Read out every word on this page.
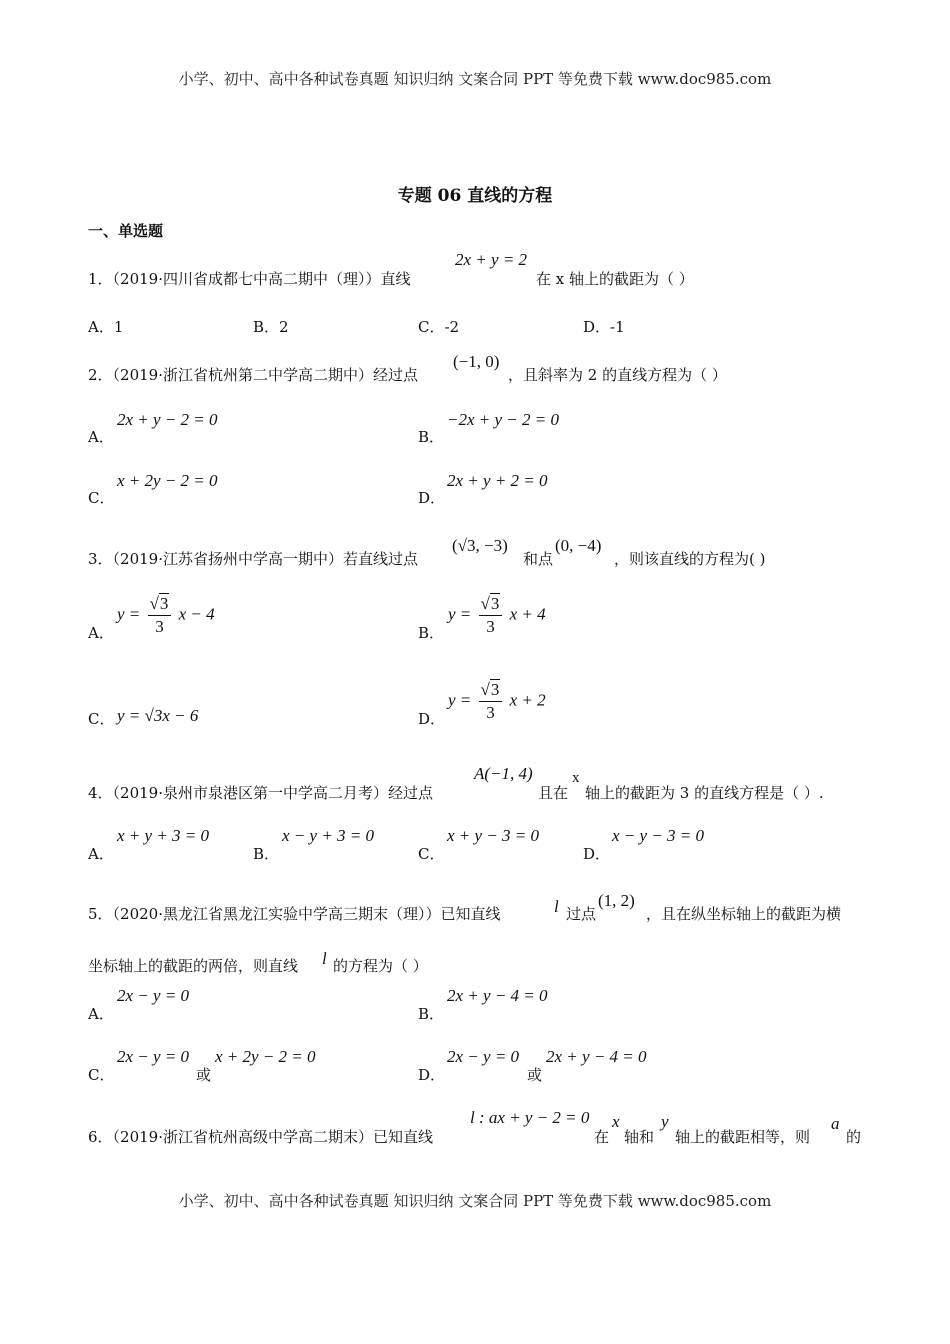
小学、初中、高中各种试卷真题 知识归纳 文案合同 PPT 等免费下载 www.doc985.com
专题 06 直线的方程
一、单选题
1．（2019·四川省成都七中高二期中（理））直线
2x + y = 2
在 x 轴上的截距为（ ）
A．1	B．2	C．-2	D．-1
2．（2019·浙江省杭州第二中学高二期中）经过点
(−1, 0)
，且斜率为 2 的直线方程为（ ）
A．
2x + y − 2 = 0
B．
−2x + y − 2 = 0
C．
x + 2y − 2 = 0
D．
2x + y + 2 = 0
3．（2019·江苏省扬州中学高一期中）若直线过点
(√3, −3)
和点
(0, −4)
，则该直线的方程为( )
A．
$y = \frac{√3}{3}$ x − 4
B．
$y = \frac{√3}{3}$ x + 4
C． y = √3x − 6	D．
$y = \frac{√3}{3}$ x + 2
4．（2019·泉州市泉港区第一中学高二月考）经过点
A(−1, 4)
且在
x
轴上的截距为 3 的直线方程是（ ）.
A．
x + y + 3 = 0
B．
x − y + 3 = 0
C．
x + y − 3 = 0
D．
x − y − 3 = 0
5．（2020·黑龙江省黑龙江实验中学高三期末（理））已知直线	l 过点
(1, 2)
，且在纵坐标轴上的截距为横
坐标轴上的截距的两倍，则直线 l 的方程为（ ）
A．
2x − y = 0
B．
2x + y − 4 = 0
C．
2x − y = 0
或
x + 2y − 2 = 0
D．
2x − y = 0
或
2x + y − 4 = 0
6．（2019·浙江省杭州高级中学高二期末）已知直线
l : ax + y − 2 = 0
在
x
轴和
y
轴上的截距相等，则
a
的
小学、初中、高中各种试卷真题 知识归纳 文案合同 PPT 等免费下载 www.doc985.com
